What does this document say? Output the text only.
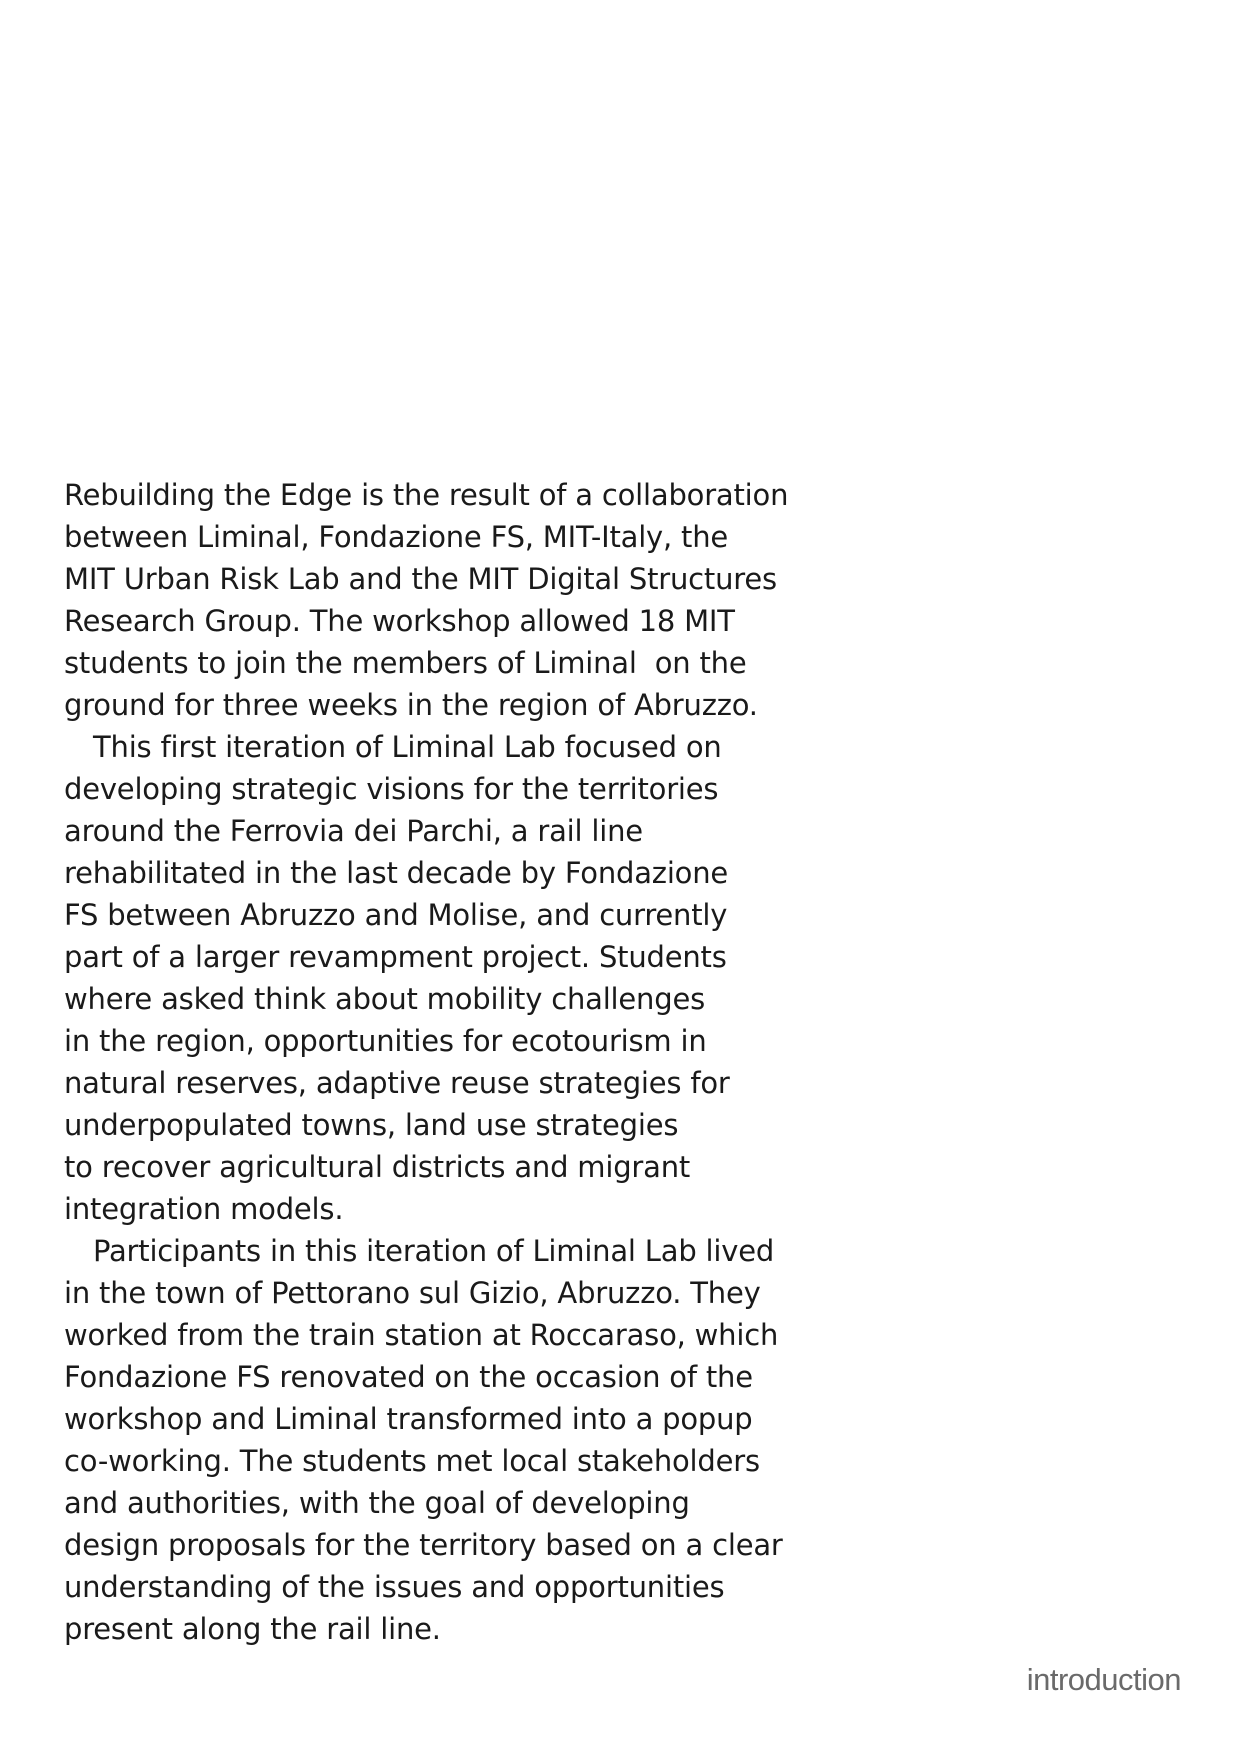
Rebuilding the Edge is the result of a collaboration
between Liminal, Fondazione FS, MIT-Italy, the
MIT Urban Risk Lab and the MIT Digital Structures
Research Group. The workshop allowed 18 MIT
students to join the members of Liminal  on the
ground for three weeks in the region of Abruzzo.

This first iteration of Liminal Lab focused on
developing strategic visions for the territories
around the Ferrovia dei Parchi, a rail line
rehabilitated in the last decade by Fondazione
FS between Abruzzo and Molise, and currently
part of a larger revampment project. Students
where asked think about mobility challenges
in the region, opportunities for ecotourism in
natural reserves, adaptive reuse strategies for
underpopulated towns, land use strategies
to recover agricultural districts and migrant
integration models.

Participants in this iteration of Liminal Lab lived
in the town of Pettorano sul Gizio, Abruzzo. They
worked from the train station at Roccaraso, which
Fondazione FS renovated on the occasion of the
workshop and Liminal transformed into a popup
co-working. The students met local stakeholders
and authorities, with the goal of developing
design proposals for the territory based on a clear
understanding of the issues and opportunities
present along the rail line.

introduction
